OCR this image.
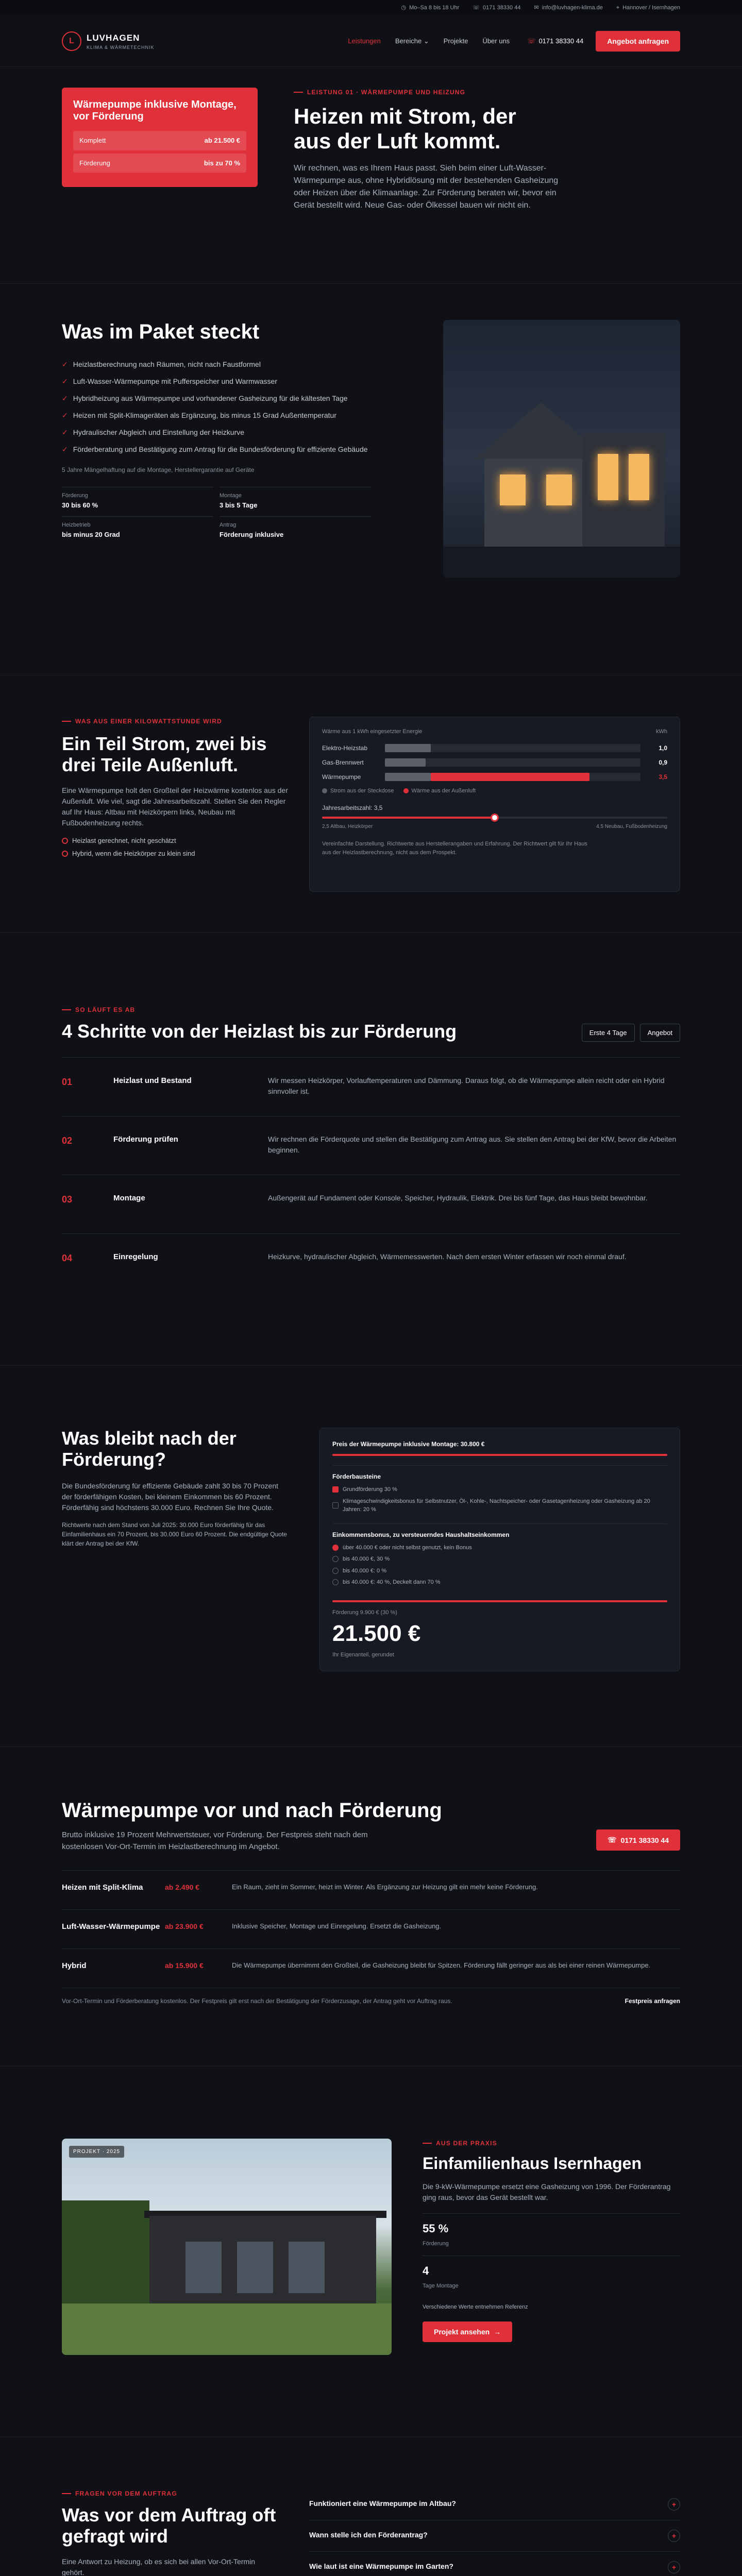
◷ Mo–Sa 8 bis 18 Uhr ☏ 0171 38330 44 ✉ info@luvhagen-klima.de ⌖ Hannover / Isernhagen
L	LUVHAGEN
KLIMA & WÄRMETECHNIK
Leistungen Bereiche ⌄ Projekte Über uns	☏ 0171 38330 44	Angebot anfragen
Wärmepumpe inklusive Montage, vor Förderung
Komplett	ab 21.500 €
Förderung	bis zu 70 %
LEISTUNG 01 · WÄRMEPUMPE UND HEIZUNG
Heizen mit Strom, der
aus der Luft kommt.

Wir rechnen, was es Ihrem Haus passt. Sieh beim einer Luft-Wasser-Wärmepumpe aus, ohne Hybridlösung mit der bestehenden Gasheizung oder Heizen über die Klimaanlage. Zur Förderung beraten wir, bevor ein Gerät bestellt wird. Neue Gas- oder Ölkessel bauen wir nicht ein.

Was im Paket steckt
✓ Heizlastberechnung nach Räumen, nicht nach Faustformel
✓ Luft-Wasser-Wärmepumpe mit Pufferspeicher und Warmwasser
✓ Hybridheizung aus Wärmepumpe und vorhandener Gasheizung für die kältesten Tage
✓ Heizen mit Split-Klimageräten als Ergänzung, bis minus 15 Grad Außentemperatur
✓ Hydraulischer Abgleich und Einstellung der Heizkurve
✓ Förderberatung und Bestätigung zum Antrag für die Bundesförderung für effiziente Gebäude
5 Jahre Mängelhaftung auf die Montage, Herstellergarantie auf Geräte
Förderung
30 bis 60 %
Montage
3 bis 5 Tage
Heizbetrieb
bis minus 20 Grad
Antrag
Förderung inklusive
WAS AUS EINER KILOWATTSTUNDE WIRD
Ein Teil Strom, zwei bis drei Teile Außenluft.

Eine Wärmepumpe holt den Großteil der Heizwärme kostenlos aus der Außenluft. Wie viel, sagt die Jahresarbeitszahl. Stellen Sie den Regler auf Ihr Haus: Altbau mit Heizkörpern links, Neubau mit Fußbodenheizung rechts.

Heizlast gerechnet, nicht geschätzt
Hybrid, wenn die Heizkörper zu klein sind
Wärme aus 1 kWh eingesetzter Energie	kWh
Elektro-Heizstab	1,0
Gas-Brennwert	0,9
Wärmepumpe	3,5
Strom aus der Steckdose	Wärme aus der Außenluft
Jahresarbeitszahl: 3,5
2,5 Altbau, Heizkörper	4,5 Neubau, Fußbodenheizung
Vereinfachte Darstellung. Richtwerte aus Herstellerangaben und Erfahrung. Der Richtwert gilt für Ihr Haus aus der Heizlastberechnung, nicht aus dem Prospekt.
SO LÄUFT ES AB
4 Schritte von der Heizlast bis zur Förderung	Erste 4 Tage	Angebot
01	Heizlast und Bestand	Wir messen Heizkörper, Vorlauftemperaturen und Dämmung. Daraus folgt, ob die Wärmepumpe allein reicht oder ein Hybrid sinnvoller ist.
02	Förderung prüfen	Wir rechnen die Förderquote und stellen die Bestätigung zum Antrag aus. Sie stellen den Antrag bei der KfW, bevor die Arbeiten beginnen.
03	Montage	Außengerät auf Fundament oder Konsole, Speicher, Hydraulik, Elektrik. Drei bis fünf Tage, das Haus bleibt bewohnbar.
04	Einregelung	Heizkurve, hydraulischer Abgleich, Wärmemesswerten. Nach dem ersten Winter erfassen wir noch einmal drauf.
Was bleibt nach der Förderung?

Die Bundesförderung für effiziente Gebäude zahlt 30 bis 70 Prozent der förderfähigen Kosten, bei kleinem Einkommen bis 60 Prozent. Förderfähig sind höchstens 30.000 Euro. Rechnen Sie Ihre Quote.

Richtwerte nach dem Stand von Juli 2025: 30.000 Euro förderfähig für das Einfamilienhaus ein 70 Prozent, bis 30.000 Euro 60 Prozent. Die endgültige Quote klärt der Antrag bei der KfW.

Preis der Wärmepumpe inklusive Montage: 30.800 €
Förderbausteine
Grundförderung 30 %
Klimageschwindigkeitsbonus für Selbstnutzer, Öl-, Kohle-, Nachtspeicher- oder Gasetagenheizung oder Gasheizung ab 20 Jahren: 20 %
Einkommensbonus, zu versteuerndes Haushaltseinkommen
über 40.000 € oder nicht selbst genutzt, kein Bonus
bis 40.000 €, 30 %
bis 40.000 €: 0 %
bis 40.000 €: 40 %, Deckelt dann 70 %
Förderung 9.900 € (30 %)
21.500 €
Ihr Eigenanteil, gerundet
Wärmepumpe vor und nach Förderung

Brutto inklusive 19 Prozent Mehrwertsteuer, vor Förderung. Der Festpreis steht nach dem kostenlosen Vor-Ort-Termin im Heizlastberechnung im Angebot.

☏ 0171 38330 44
Heizen mit Split-Klima	ab 2.490 €	Ein Raum, zieht im Sommer, heizt im Winter. Als Ergänzung zur Heizung gilt ein mehr keine Förderung.
Luft-Wasser-Wärmepumpe ab 23.900 €	Inklusive Speicher, Montage und Einregelung. Ersetzt die Gasheizung.
Hybrid	ab 15.900 €	Die Wärmepumpe übernimmt den Großteil, die Gasheizung bleibt für Spitzen. Förderung fällt geringer aus als bei einer reinen Wärmepumpe.
Vor-Ort-Termin und Förderberatung kostenlos. Der Festpreis gilt erst nach der Bestätigung der Förderzusage, der Antrag geht vor Auftrag raus.	Festpreis anfragen
PROJEKT · 2025
AUS DER PRAXIS
Einfamilienhaus Isernhagen

Die 9-kW-Wärmepumpe ersetzt eine Gasheizung von 1996. Der Förderantrag ging raus, bevor das Gerät bestellt war.

55 %
Förderung
4
Tage Montage

Verschiedene Werte entnehmen Referenz

Projekt ansehen →
FRAGEN VOR DEM AUFTRAG
Was vor dem Auftrag oft gefragt wird

Eine Antwort zu Heizung, ob es sich bei allen Vor-Ort-Termin gehört.

Funktioniert eine Wärmepumpe im Altbau?	+
Wann stelle ich den Förderantrag?	+
Wie laut ist eine Wärmepumpe im Garten?	+
